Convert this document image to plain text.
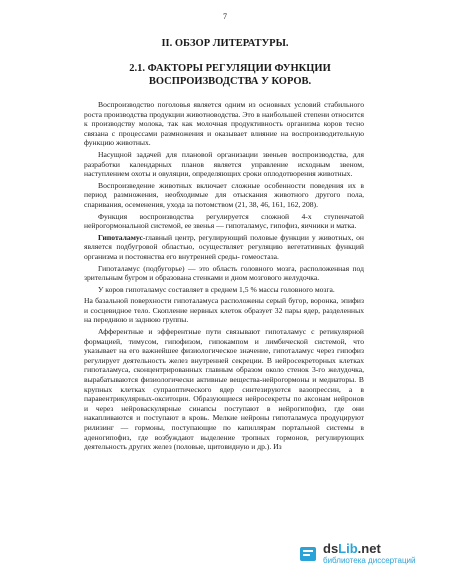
7
II. ОБЗОР ЛИТЕРАТУРЫ.
2.1. ФАКТОРЫ РЕГУЛЯЦИИ ФУНКЦИИ ВОСПРОИЗВОДСТВА У КОРОВ.

Воспроизводство поголовья является одним из основных условий стабильного роста производства продукции животноводства. Это в наибольшей степени относится к производству молока, так как молочная продуктивность организма коров тесно связана с процессами размножения и оказывает влияние на воспроизводительную функцию животных.

Насущной задачей для плановой организации звеньев воспроизводства, для разработки календарных планов является управление исходным звеном, наступлением охоты и овуляции, определяющих сроки оплодотворения животных.

Воспроизведение животных включает сложные особенности поведения их в период размножения, необходимые для отыскания животного другого пола, спаривания, осеменения, ухода за потомством (21, 38, 46, 161, 162, 208).

Функция воспроизводства регулируется сложной 4-х ступенчатой нейрогормональной системой, ее звенья — гипоталамус, гипофиз, яичники и матка.

Гипоталамус-главный центр, регулирующий половые функции у животных, он является подбугровой областью, осуществляет регуляцию вегетативных функций организма и постоянства его внутренней среды- гомеостаза.

Гипоталамус (подбугорье) — это область головного мозга, расположенная под зрительным бугром и образована стенками и дном мозгового желудочка.

У коров гипоталамус составляет в среднем 1,5 % массы головного мозга.

На базальной поверхности гипоталамуса расположены серый бугор, воронка, эпифиз и сосцевидное тело. Скопление нервных клеток образует 32 пары ядер, разделенных на переднюю и заднюю группы.

Афферентные и эфферентные пути связывают гипоталамус с ретикулярной формацией, тимусом, гипофизом, гипокампом и лимбической системой, что указывает на его важнейшее физиологическое значение, гипоталамус через гипофиз регулирует деятельность желез внутренней секреции. В нейросекреторных клетках гипоталамуса, сконцентрированных главным образом около стенок 3-го желудочка, вырабатываются физиологически активные вещества-нейрогормоны и медиаторы. В крупных клетках супраоптического ядер синтезируются вазопрессин, а в паравентрикулярных-окситоцин. Образующиеся нейросекреты по аксонам нейронов и через нейроваскулярные синапсы поступают в нейрогипофиз, где они накапливаются и поступают в кровь. Мелкие нейроны гипоталамуса продуцируют рилизинг — гормоны, поступающие по капиллярам портальной системы в аденогипофиз, где возбуждают выделение тропных гормонов, регулирующих деятельность других желез (половые, щитовидную и др.). Из

dsLib.net
библиотека диссертаций
